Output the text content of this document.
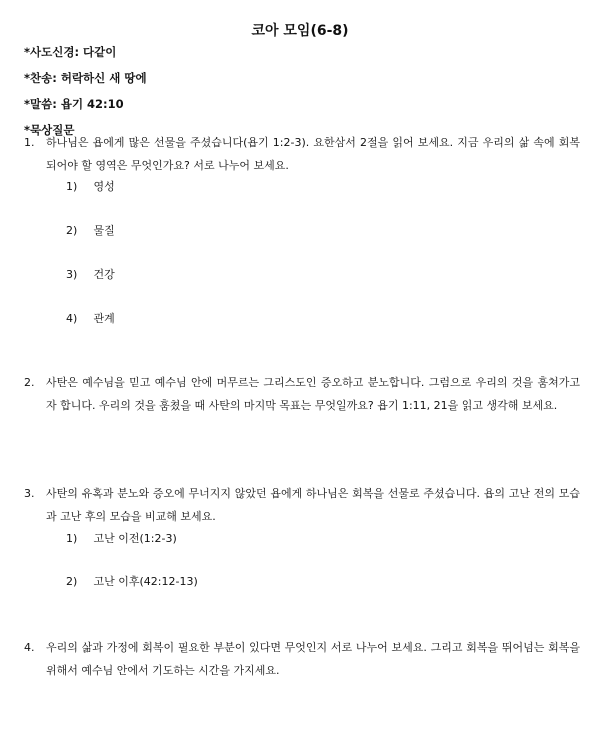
코아 모임(6-8)
*사도신경: 다같이
*찬송: 허락하신 새 땅에
*말씀: 욥기 42:10
*묵상질문
1. 하나님은 욥에게 많은 선물을 주셨습니다(욥기 1:2-3). 요한삼서 2절을 읽어 보세요. 지금 우리의 삶 속에 회복되어야 할 영역은 무엇인가요? 서로 나누어 보세요.
1) 영성
2) 물질
3) 건강
4) 관계
2. 사탄은 예수님을 믿고 예수님 안에 머무르는 그리스도인 증오하고 분노합니다. 그럼으로 우리의 것을 훔쳐가고자 합니다. 우리의 것을 훔쳤을 때 사탄의 마지막 목표는 무엇일까요? 욥기 1:11, 21을 읽고 생각해 보세요.
3. 사탄의 유혹과 분노와 증오에 무너지지 않았던 욥에게 하나님은 회복을 선물로 주셨습니다. 욥의 고난 전의 모습과 고난 후의 모습을 비교해 보세요.
1) 고난 이전(1:2-3)
2) 고난 이후(42:12-13)
4. 우리의 삶과 가정에 회복이 필요한 부분이 있다면 무엇인지 서로 나누어 보세요. 그리고 회복을 뛰어넘는 회복을 위해서 예수님 안에서 기도하는 시간을 가지세요.
